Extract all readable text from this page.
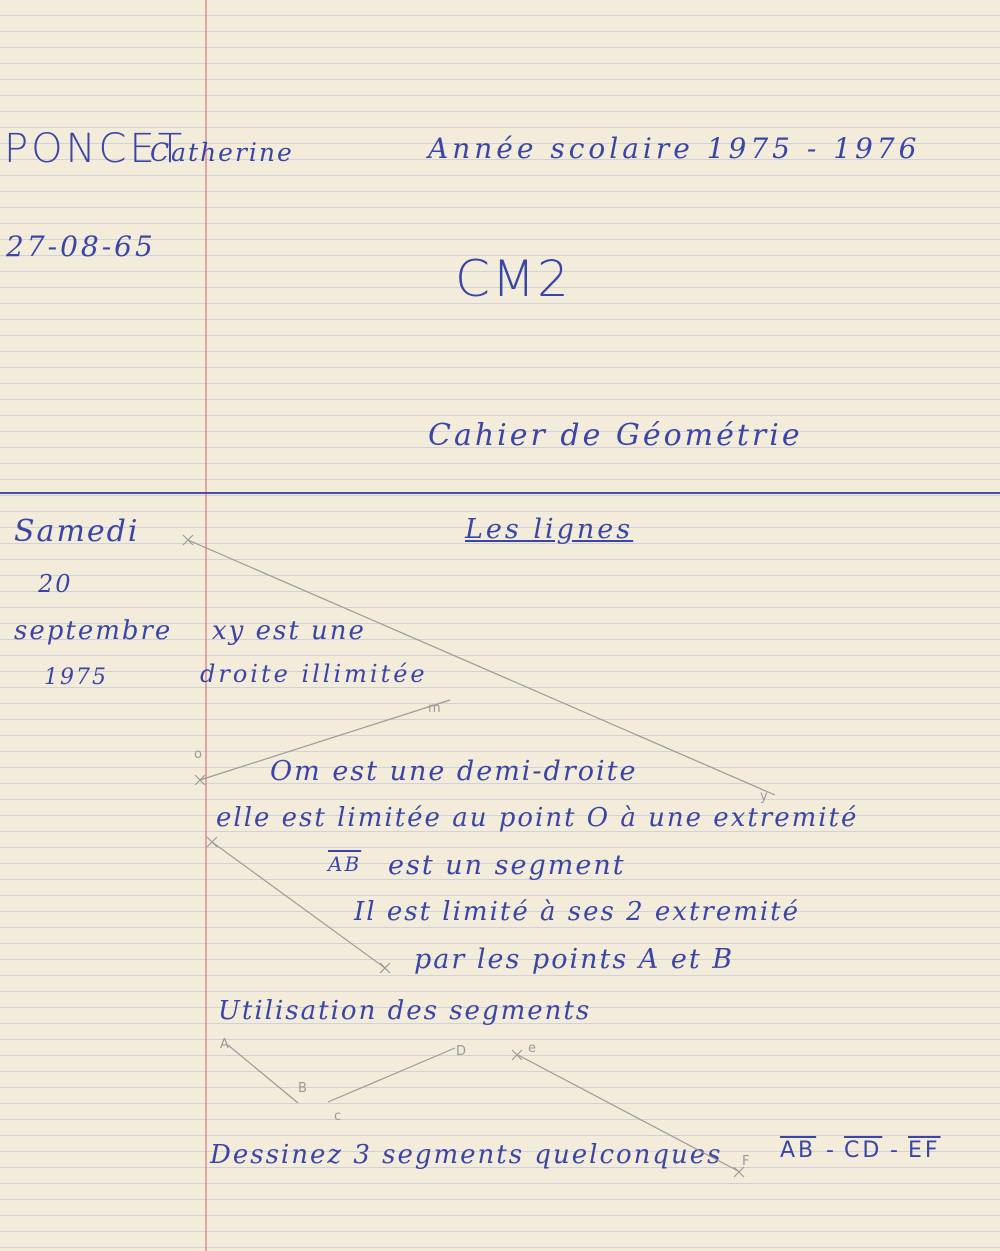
PONCET
Catherine	Année scolaire 1975 - 1976
27-08-65
CM2
Cahier de Géométrie
Samedi	Les lignes
20
septembre xy est une
1975	droite illimitée
Om est une demi-droite
elle est limitée au point O à une extremité
$\overline{AB}$ est un segment
Il est limité à ses 2 extremité
par les points A et B
Utilisation des segments
Dessinez 3 segments quelconques	$\overline{AB} - \overline{CD} - \overline{EF}$
m
o
y
A
B
D
c
e
F
